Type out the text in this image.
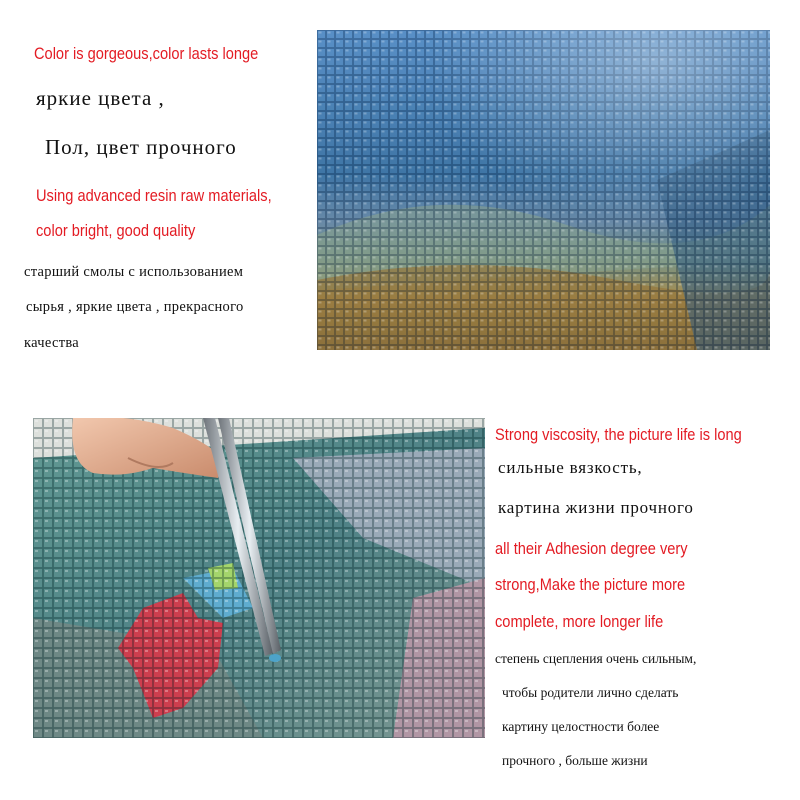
Color is gorgeous,color lasts longe
яркие цвета ,
Пол, цвет прочного
Using advanced resin raw materials,
color bright, good quality
старший смолы с использованием
сырья , яркие цвета , прекрасного
качества
Strong viscosity, the picture life is long
сильные вязкость,
картина жизни прочного
all their Adhesion degree very
strong,Make the picture more
complete, more longer life
степень сцепления очень сильным,
чтобы родители лично сделать
картину целостности более
прочного , больше жизни
